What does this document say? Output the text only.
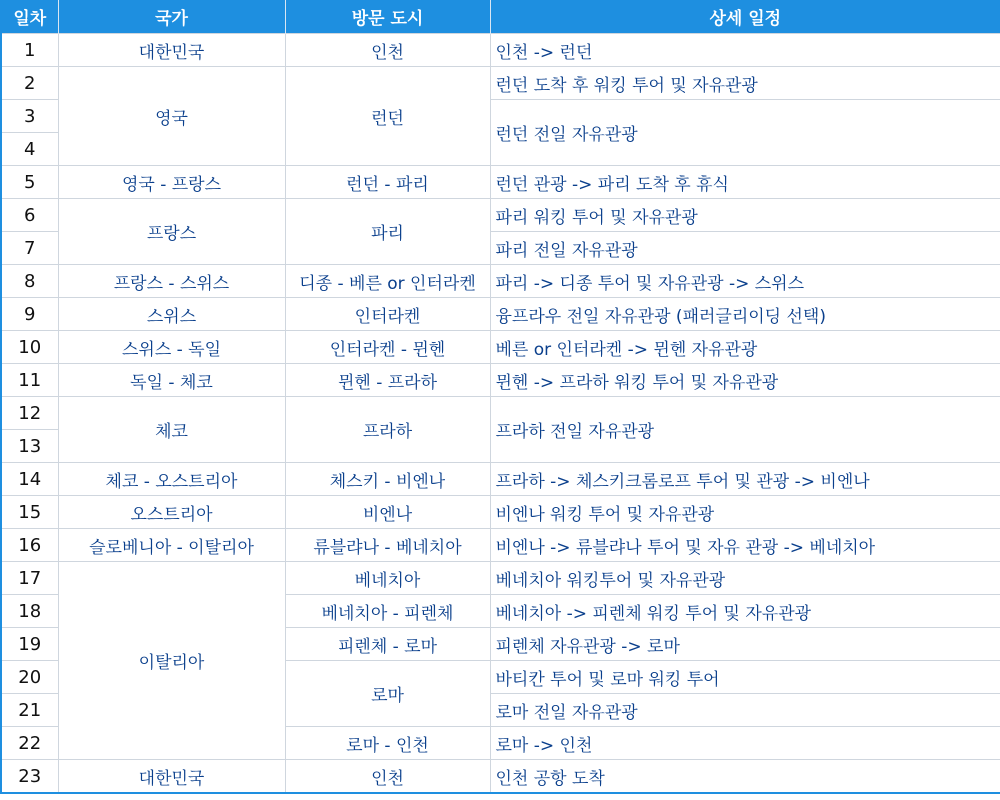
일차	국가	방문 도시	상세 일정
1	대한민국	인천	인천 -> 런던
2	영국	런던	런던 도착 후 워킹 투어 및 자유관광
3			런던 전일 자유관광
4			
5	영국 - 프랑스	런던 - 파리	런던 관광 -> 파리 도착 후 휴식
6	프랑스	파리	파리 워킹 투어 및 자유관광
7			파리 전일 자유관광
8	프랑스 - 스위스	디종 - 베른 or 인터라켄	파리 -> 디종 투어 및 자유관광 -> 스위스
9	스위스	인터라켄	융프라우 전일 자유관광 (패러글리이딩 선택)
10	스위스 - 독일	인터라켄 - 뮌헨	베른 or 인터라켄 -> 뮌헨 자유관광
11	독일 - 체코	뮌헨 - 프라하	뮌헨 -> 프라하 워킹 투어 및 자유관광
12	체코	프라하	프라하 전일 자유관광
13			
14	체코 - 오스트리아	체스키 - 비엔나	프라하 -> 체스키크롬로프 투어 및 관광 -> 비엔나
15	오스트리아	비엔나	비엔나 워킹 투어 및 자유관광
16	슬로베니아 - 이탈리아	류블랴나 - 베네치아	비엔나 -> 류블랴나 투어 및 자유 관광 -> 베네치아
17	이탈리아	베네치아	베네치아 워킹투어 및 자유관광
18		베네치아 - 피렌체	베네치아 -> 피렌체 워킹 투어 및 자유관광
19		피렌체 - 로마	피렌체 자유관광 -> 로마
20		로마	바티칸 투어 및 로마 워킹 투어
21			로마 전일 자유관광
22		로마 - 인천	로마 -> 인천
23	대한민국	인천	인천 공항 도착
